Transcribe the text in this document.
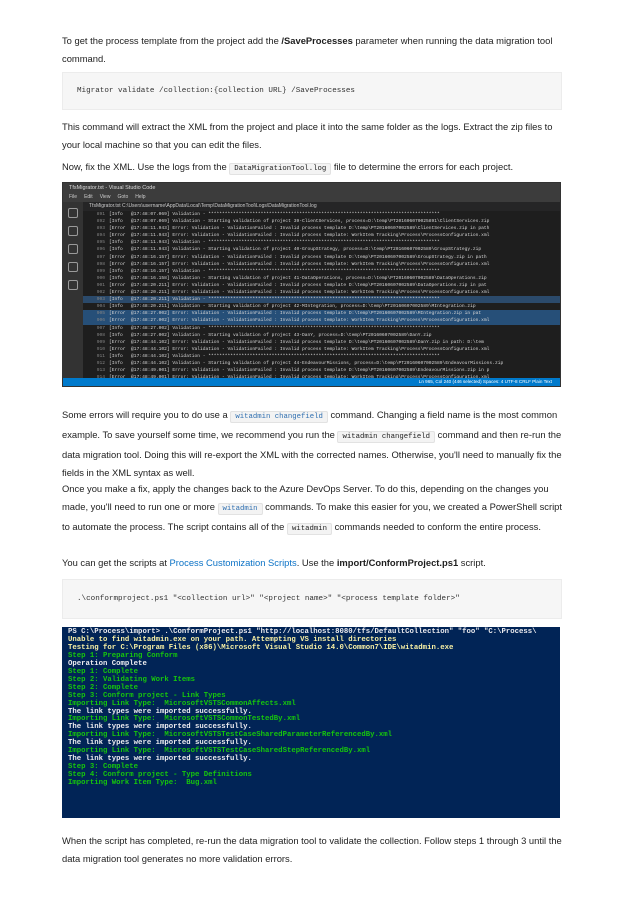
To get the process template from the project add the /SaveProcesses parameter when running the data migration tool command.

Migrator validate /collection:{collection URL} /SaveProcesses

This command will extract the XML from the project and place it into the same folder as the logs. Extract the zip files to your local machine so that you can edit the files.

Now, fix the XML. Use the logs from the DataMigrationTool.log file to determine the errors for each project.

TfsMigrator.txt - Visual Studio Code
File Edit View Goto Help
TfsMigrator.txt C:\Users\username\AppData\Local\Temp\DataMigrationTool\Logs\DataMigrationTool.log
891 [Info   @17:48:07.069] Validation - ************************************************************************************
892 [Info   @17:48:07.069] Validation - Starting validation of project 39-ClientServices, process=D:\temp\PT201606070025891\ClientServices.zip
893 [Error  @17:48:11.943] Error: Validation - ValidationFailed : Invalid process template D:\temp\PT20160607002589\ClientServices.zip in path
894 [Error  @17:48:11.943] Error: Validation - ValidationFailed : Invalid process template: WorkItem Tracking\Process\ProcessConfiguration.xml
895 [Info   @17:48:11.943] Validation - ************************************************************************************
896 [Info   @17:48:11.943] Validation - Starting validation of project 40-GroupStrategy, process=D:\temp\PT20160607002589\GroupStrategy.zip
897 [Error  @17:48:16.157] Error: Validation - ValidationFailed : Invalid process template D:\temp\PT20160607002589\GroupStrategy.zip in path
898 [Error  @17:48:16.157] Error: Validation - ValidationFailed : Invalid process template: WorkItem Tracking\Process\ProcessConfiguration.xml
899 [Info   @17:48:16.157] Validation - ************************************************************************************
900 [Info   @17:48:16.158] Validation - Starting validation of project 41-DataOperations, process=D:\temp\PT20160607002589\DataOperations.zip
901 [Error  @17:48:20.211] Error: Validation - ValidationFailed : Invalid process template D:\temp\PT20160607002589\DataOperations.zip in pat
902 [Error  @17:48:20.211] Error: Validation - ValidationFailed : Invalid process template: WorkItem Tracking\Process\ProcessConfiguration.xml
903 [Info   @17:48:20.211] Validation - ************************************************************************************
904 [Info   @17:48:20.211] Validation - Starting validation of project 42-MIntegration, process=D:\temp\PT20160607002589\MIntegration.zip
905 [Error  @17:48:27.002] Error: Validation - ValidationFailed : Invalid process template D:\temp\PT20160607002589\MIntegration.zip in pat
906 [Error  @17:48:27.002] Error: Validation - ValidationFailed : Invalid process template: WorkItem Tracking\Process\ProcessConfiguration.xml
907 [Info   @17:48:27.002] Validation - ************************************************************************************
908 [Info   @17:48:27.002] Validation - Starting validation of project 43-DanY, process=D:\temp\PT20160607002589\DanY.zip
909 [Error  @17:48:44.102] Error: Validation - ValidationFailed : Invalid process template D:\temp\PT20160607002589\DanY.zip in path: D:\tem
910 [Error  @17:48:44.102] Error: Validation - ValidationFailed : Invalid process template: WorkItem Tracking\Process\ProcessConfiguration.xml
911 [Info   @17:48:44.102] Validation - ************************************************************************************
912 [Info   @17:48:44.102] Validation - Starting validation of project 44-EndeavourMissions, process=D:\temp\PT20160607002589\EndeavourMissions.zip
913 [Error  @17:48:49.001] Error: Validation - ValidationFailed : Invalid process template D:\temp\PT20160607002589\EndeavourMissions.zip in p
Ln 965, Col 240 (446 selected) Spaces: 4 UTF-8 CRLF Plain Text

Some errors will require you to do use a witadmin changefield command. Changing a field name is the most common example. To save yourself some time, we recommend you run the witadmin changefield command and then re-run the data migration tool. Doing this will re-export the XML with the corrected names. Otherwise, you'll need to manually fix the fields in the XML syntax as well.

Once you make a fix, apply the changes back to the Azure DevOps Server. To do this, depending on the changes you made, you'll need to run one or more witadmin commands. To make this easier for you, we created a PowerShell script to automate the process. The script contains all of the witadmin commands needed to conform the entire process.

You can get the scripts at Process Customization Scripts. Use the import/ConformProject.ps1 script.

.\conformproject.ps1 "<collection url>" "<project name>" "<process template folder>"
PS C:\Process\import> .\ConformProject.ps1 "http://localhost:8080/tfs/DefaultCollection" "foo" "C:\Process\
Unable to find witadmin.exe on your path. Attempting VS install directories
Testing for C:\Program Files (x86)\Microsoft Visual Studio 14.0\Common7\IDE\witadmin.exe
Step 1: Preparing Conform
Operation Complete
Step 1: Complete
Step 2: Validating Work Items
Step 2: Complete
Step 3: Conform project - Link Types
Importing Link Type:  MicrosoftVSTSCommonAffects.xml
The link types were imported successfully.
Importing Link Type:  MicrosoftVSTSCommonTestedBy.xml
The link types were imported successfully.
Importing Link Type:  MicrosoftVSTSTestCaseSharedParameterReferencedBy.xml
The link types were imported successfully.
Importing Link Type:  MicrosoftVSTSTestCaseSharedStepReferencedBy.xml
The link types were imported successfully.
Step 3: Complete
Step 4: Conform project - Type Definitions
Importing Work Item Type:  Bug.xml

When the script has completed, re-run the data migration tool to validate the collection. Follow steps 1 through 3 until the data migration tool generates no more validation errors.
